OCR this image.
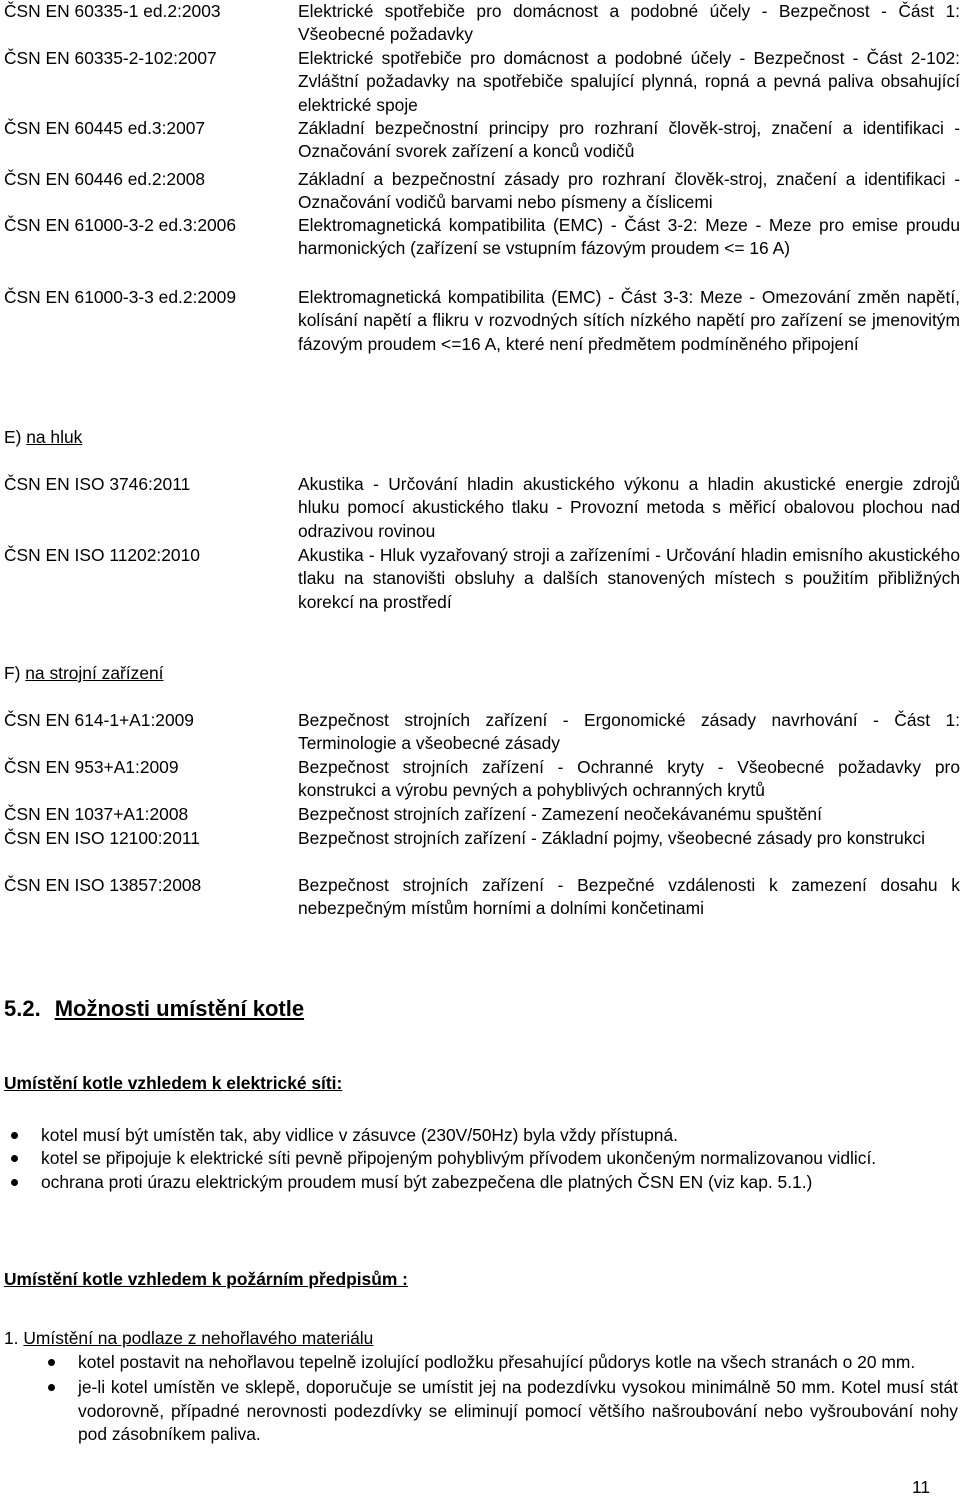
ČSN EN 60335-1 ed.2:2003	Elektrické spotřebiče pro domácnost a podobné účely - Bezpečnost - Část 1: Všeobecné požadavky
ČSN EN 60335-2-102:2007	Elektrické spotřebiče pro domácnost a podobné účely - Bezpečnost - Část 2-102: Zvláštní požadavky na spotřebiče spalující plynná, ropná a pevná paliva obsahující elektrické spoje
ČSN EN 60445 ed.3:2007	Základní bezpečnostní principy pro rozhraní člověk-stroj, značení a identifikaci - Označování svorek zařízení a konců vodičů
ČSN EN 60446 ed.2:2008	Základní a bezpečnostní zásady pro rozhraní člověk-stroj, značení a identifikaci - Označování vodičů barvami nebo písmeny a číslicemi
ČSN EN 61000-3-2 ed.3:2006	Elektromagnetická kompatibilita (EMC) - Část 3-2: Meze - Meze pro emise proudu harmonických (zařízení se vstupním fázovým proudem <= 16 A)
ČSN EN 61000-3-3 ed.2:2009	Elektromagnetická kompatibilita (EMC) - Část 3-3: Meze - Omezování změn napětí, kolísání napětí a flikru v rozvodných sítích nízkého napětí pro zařízení se jmenovitým fázovým proudem <=16 A, které není předmětem podmíněného připojení
E) na hluk
ČSN EN ISO 3746:2011	Akustika - Určování hladin akustického výkonu a hladin akustické energie zdrojů hluku pomocí akustického tlaku - Provozní metoda s měřicí obalovou plochou nad odrazivou rovinou
ČSN EN ISO 11202:2010	Akustika - Hluk vyzařovaný stroji a zařízeními - Určování hladin emisního akustického tlaku na stanovišti obsluhy a dalších stanovených místech s použitím přibližných korekcí na prostředí
F) na strojní zařízení
ČSN EN 614-1+A1:2009	Bezpečnost strojních zařízení - Ergonomické zásady navrhování - Část 1: Terminologie a všeobecné zásady
ČSN EN 953+A1:2009	Bezpečnost strojních zařízení - Ochranné kryty - Všeobecné požadavky pro konstrukci a výrobu pevných a pohyblivých ochranných krytů
ČSN EN 1037+A1:2008	Bezpečnost strojních zařízení - Zamezení neočekávanému spuštění
ČSN EN ISO 12100:2011	Bezpečnost strojních zařízení - Základní pojmy, všeobecné zásady pro konstrukci
ČSN EN ISO 13857:2008	Bezpečnost strojních zařízení - Bezpečné vzdálenosti k zamezení dosahu k nebezpečným místům horními a dolními končetinami
5.2. Možnosti umístění kotle
Umístění kotle vzhledem k elektrické síti:
kotel musí být umístěn tak, aby vidlice v zásuvce (230V/50Hz) byla vždy přístupná.
kotel se připojuje k elektrické síti pevně připojeným pohyblivým přívodem ukončeným normalizovanou vidlicí.
ochrana proti úrazu elektrickým proudem musí být zabezpečena dle platných ČSN EN (viz kap. 5.1.)
Umístění kotle vzhledem k požárním předpisům :
1. Umístění na podlaze z nehořlavého materiálu
kotel postavit na nehořlavou tepelně izolující podložku přesahující půdorys kotle na všech stranách o 20 mm.
je-li kotel umístěn ve sklepě, doporučuje se umístit jej na podezdívku vysokou minimálně 50 mm. Kotel musí stát vodorovně, případné nerovnosti podezdívky se eliminují pomocí většího našroubování nebo vyšroubování nohy pod zásobníkem paliva.
11
